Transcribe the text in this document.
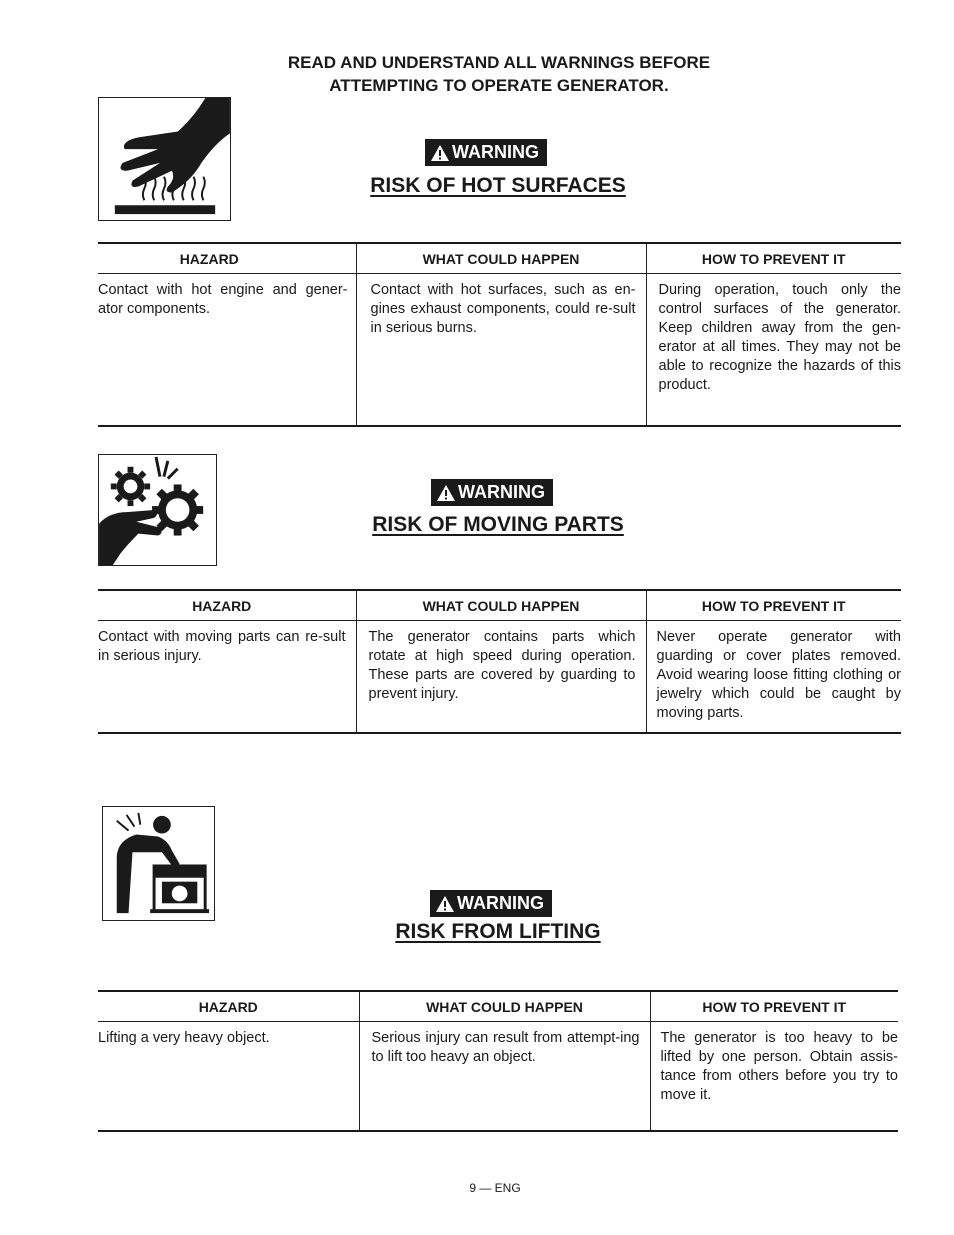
READ AND UNDERSTAND ALL WARNINGS BEFORE
ATTEMPTING TO OPERATE GENERATOR.
WARNING
RISK OF HOT SURFACES
HAZARD	WHAT COULD HAPPEN	HOW TO PREVENT IT
Contact with hot engine and gener-ator components.	Contact with hot surfaces, such as en-gines exhaust components, could re-sult in serious burns.	During operation, touch only the control surfaces of the generator. Keep children away from the gen-erator at all times. They may not be able to recognize the hazards of this product.
WARNING
RISK OF MOVING PARTS
HAZARD	WHAT COULD HAPPEN	HOW TO PREVENT IT
Contact with moving parts can re-sult in serious injury.	The generator contains parts which rotate at high speed during operation. These parts are covered by guarding to prevent injury.	Never operate generator with guarding or cover plates removed. Avoid wearing loose fitting clothing or jewelry which could be caught by moving parts.
WARNING
RISK FROM LIFTING
HAZARD	WHAT COULD HAPPEN	HOW TO PREVENT IT
Lifting a very heavy object.	Serious injury can result from attempt-ing to lift too heavy an object.	The generator is too heavy to be lifted by one person. Obtain assis-tance from others before you try to move it.
9 — ENG
